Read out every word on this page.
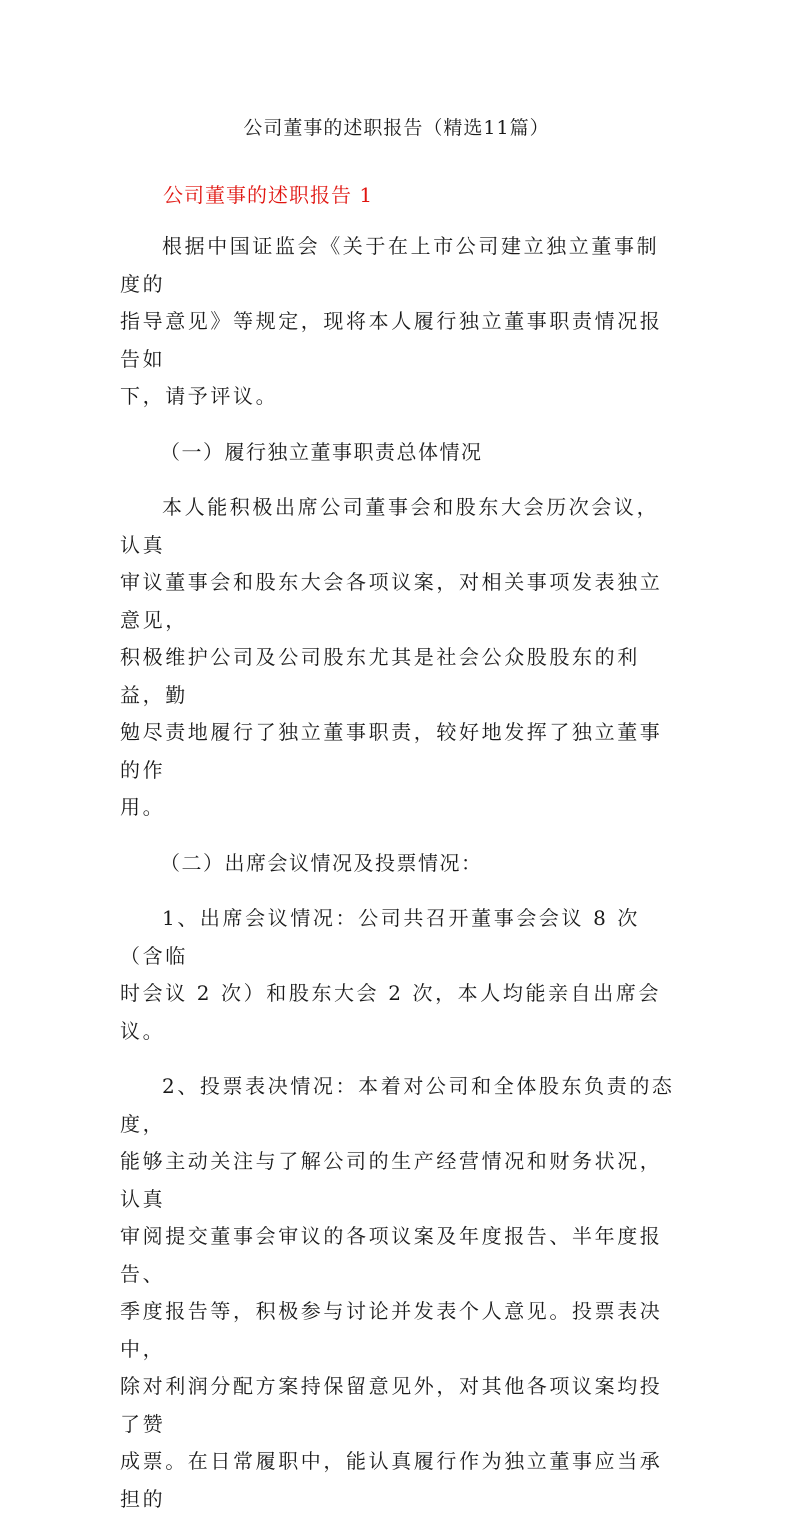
公司董事的述职报告（精选11篇）
公司董事的述职报告 1

根据中国证监会《关于在上市公司建立独立董事制度的
指导意见》等规定，现将本人履行独立董事职责情况报告如
下，请予评议。

（一）履行独立董事职责总体情况

本人能积极出席公司董事会和股东大会历次会议，认真
审议董事会和股东大会各项议案，对相关事项发表独立意见，
积极维护公司及公司股东尤其是社会公众股股东的利益，勤
勉尽责地履行了独立董事职责，较好地发挥了独立董事的作
用。

（二）出席会议情况及投票情况：

1、出席会议情况：公司共召开董事会会议 8 次（含临
时会议 2 次）和股东大会 2 次，本人均能亲自出席会议。

2、投票表决情况：本着对公司和全体股东负责的态度，
能够主动关注与了解公司的生产经营情况和财务状况，认真
审阅提交董事会审议的各项议案及年度报告、半年度报告、
季度报告等，积极参与讨论并发表个人意见。投票表决中，
除对利润分配方案持保留意见外，对其他各项议案均投了赞
成票。在日常履职中，能认真履行作为独立董事应当承担的
